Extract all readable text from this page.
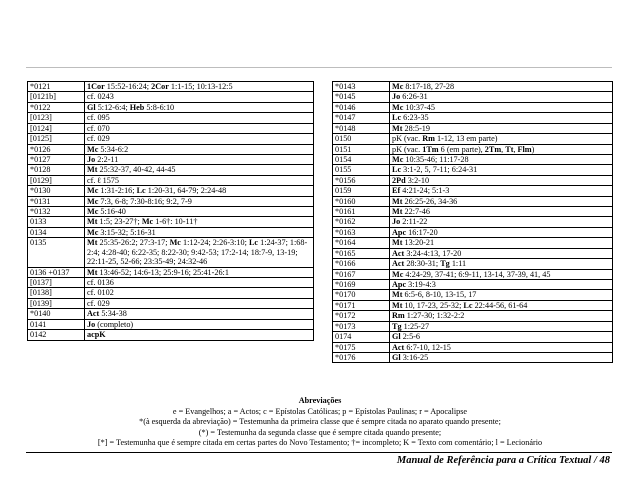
*0121	1Cor 15:52-16:24; 2Cor 1:1-15; 10:13-12:5
[0121b]	cf. 0243
*0122	Gl 5:12-6:4; Heb 5:8-6:10
[0123]	cf. 095
[0124]	cf. 070
[0125]	cf. 029
*0126	Mc 5:34-6:2
*0127	Jo 2:2-11
*0128	Mt 25:32-37, 40-42, 44-45
[0129]	cf. ℓ 1575
*0130	Mc 1:31-2:16; Lc 1:20-31, 64-79; 2:24-48
*0131	Mc 7:3, 6-8; 7:30-8:16; 9:2, 7-9
*0132	Mc 5:16-40
0133	Mt 1:5; 23-27†; Mc 1-6†: 10-11†
0134	Mc 3:15-32; 5:16-31
0135	Mt 25:35-26:2; 27:3-17; Mc 1:12-24; 2:26-3:10; Lc 1:24-37; 1:68-2:4; 4:28-40; 6:22-35; 8:22-30; 9:42-53; 17:2-14; 18:7-9, 13-19; 22:11-25, 52-66; 23:35-49; 24:32-46
0136 +0137	Mt 13:46-52; 14:6-13; 25:9-16; 25:41-26:1
[0137]	cf. 0136
[0138]	cf. 0102
[0139]	cf. 029
*0140	Act 5:34-38
0141	Jo (completo)
0142	acpK
*0143	Mc 8:17-18, 27-28
*0145	Jo 6:26-31
*0146	Mc 10:37-45
*0147	Lc 6:23-35
*0148	Mt 28:5-19
0150	pK (vac. Rm 1-12, 13 em parte)
0151	pK (vac. 1Tm 6 (em parte), 2Tm, Tt, Flm)
0154	Mc 10:35-46; 11:17-28
0155	Lc 3:1-2, 5, 7-11; 6:24-31
*0156	2Pd 3:2-10
0159	Ef 4:21-24; 5:1-3
*0160	Mt 26:25-26, 34-36
*0161	Mt 22:7-46
*0162	Jo 2:11-22
*0163	Apc 16:17-20
*0164	Mt 13:20-21
*0165	Act 3:24-4:13, 17-20
*0166	Act 28:30-31; Tg 1:11
*0167	Mc 4:24-29, 37-41; 6:9-11, 13-14, 37-39, 41, 45
*0169	Apc 3:19-4:3
*0170	Mt 6:5-6, 8-10, 13-15, 17
*0171	Mt 10, 17-23, 25-32; Lc 22:44-56, 61-64
*0172	Rm 1:27-30; 1:32-2:2
*0173	Tg 1:25-27
0174	Gl 2:5-6
*0175	Act 6:7-10, 12-15
*0176	Gl 3:16-25
Abreviações
e = Evangelhos; a = Actos; c = Epístolas Católicas; p = Epístolas Paulinas; r = Apocalipse
*(à esquerda da abreviação) = Testemunha da primeira classe que é sempre citada no aparato quando presente;
(*) = Testemunha da segunda classe que é sempre citada quando presente;
[*] = Testemunha que é sempre citada em certas partes do Novo Testamento; †= incompleto; K = Texto com comentário; l = Lecionário
Manual de Referência para a Crítica Textual / 48
